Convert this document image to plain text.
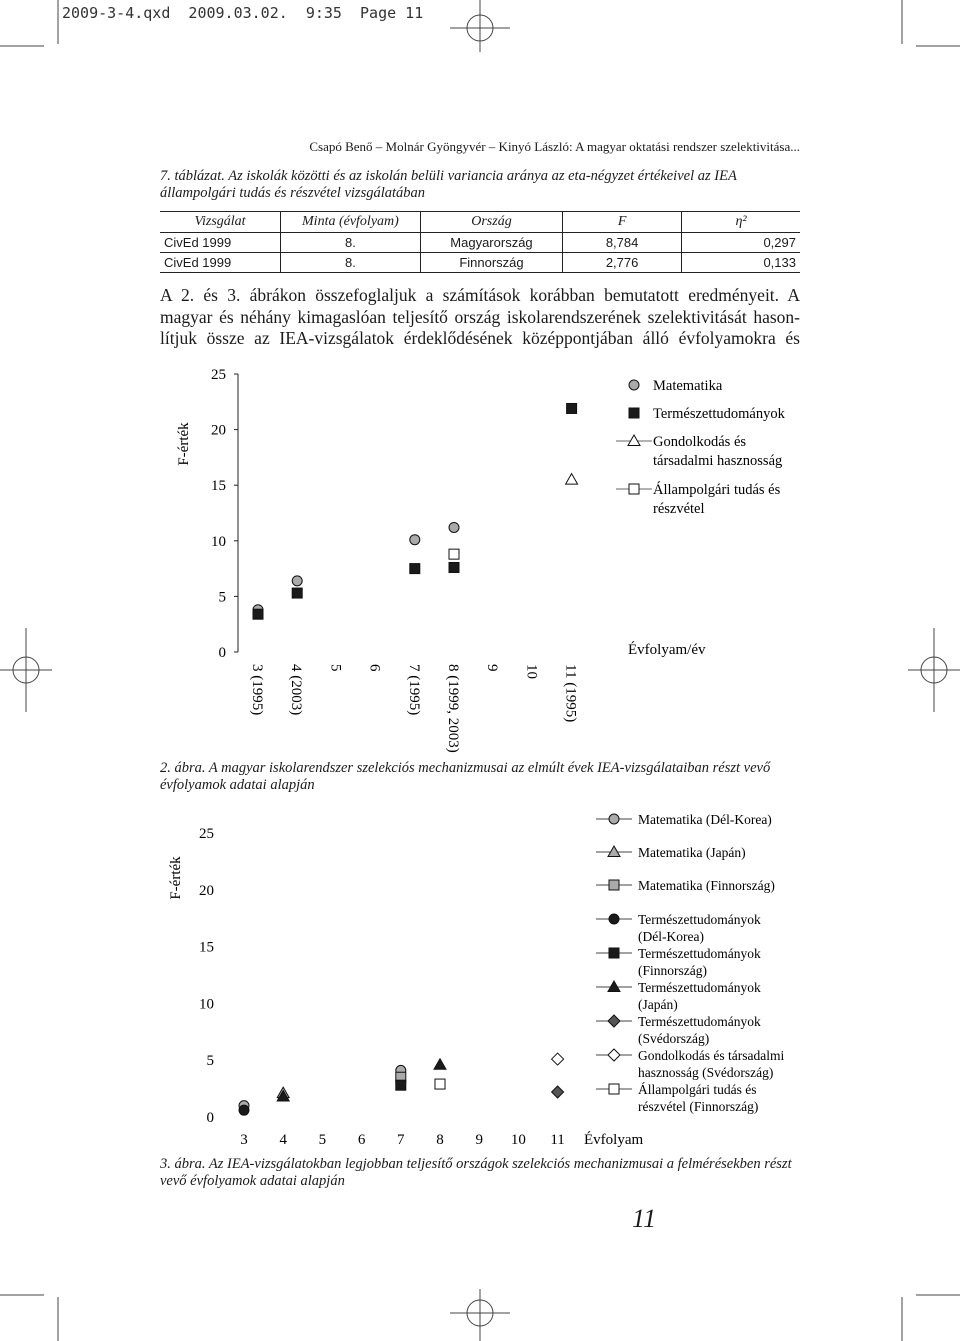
2009-3-4.qxd  2009.03.02.  9:35  Page 11
Csapó Benő – Molnár Gyöngyvér – Kinyó László: A magyar oktatási rendszer szelektivitása...
7. táblázat. Az iskolák közötti és az iskolán belüli variancia aránya az eta-négyzet értékeivel az IEA
állampolgári tudás és részvétel vizsgálatában
Vizsgálat	Minta (évfolyam)	Ország	F	η²
CivEd 1999	8.	Magyarország	8,784	0,297
CivEd 1999	8.	Finnország	2,776	0,133
A 2. és 3. ábrákon összefoglaljuk a számítások korábban bemutatott eredményeit. A
magyar és néhány kimagaslóan teljesítő ország iskolarendszerének szelektivitását hason-
lítjuk össze az IEA-vizsgálatok érdeklődésének középpontjában álló évfolyamokra és
0
5
10
15
20
25
F-érték
Évfolyam/év
3 (1995) 4 (2003) 5 6 7 (1995) 8 (1999, 2003) 9 10 11 (1995)
Matematika
Természettudományok
Gondolkodás és
társadalmi hasznosság
Állampolgári tudás és
részvétel
2. ábra. A magyar iskolarendszer szelekciós mechanizmusai az elmúlt évek IEA-vizsgálataiban részt vevő
évfolyamok adatai alapján
0
5
10
15
20
25
F-érték
3 4 5 6 7 8 9 10 11 Évfolyam
Matematika (Dél-Korea)
Matematika (Japán)
Matematika (Finnország)
Természettudományok
(Dél-Korea)
Természettudományok
(Finnország)
Természettudományok
(Japán)
Természettudományok
(Svédország)
Gondolkodás és társadalmi
hasznosság (Svédország)
Állampolgári tudás és
részvétel (Finnország)
3. ábra. Az IEA-vizsgálatokban legjobban teljesítő országok szelekciós mechanizmusai a felmérésekben részt
vevő évfolyamok adatai alapján
11
